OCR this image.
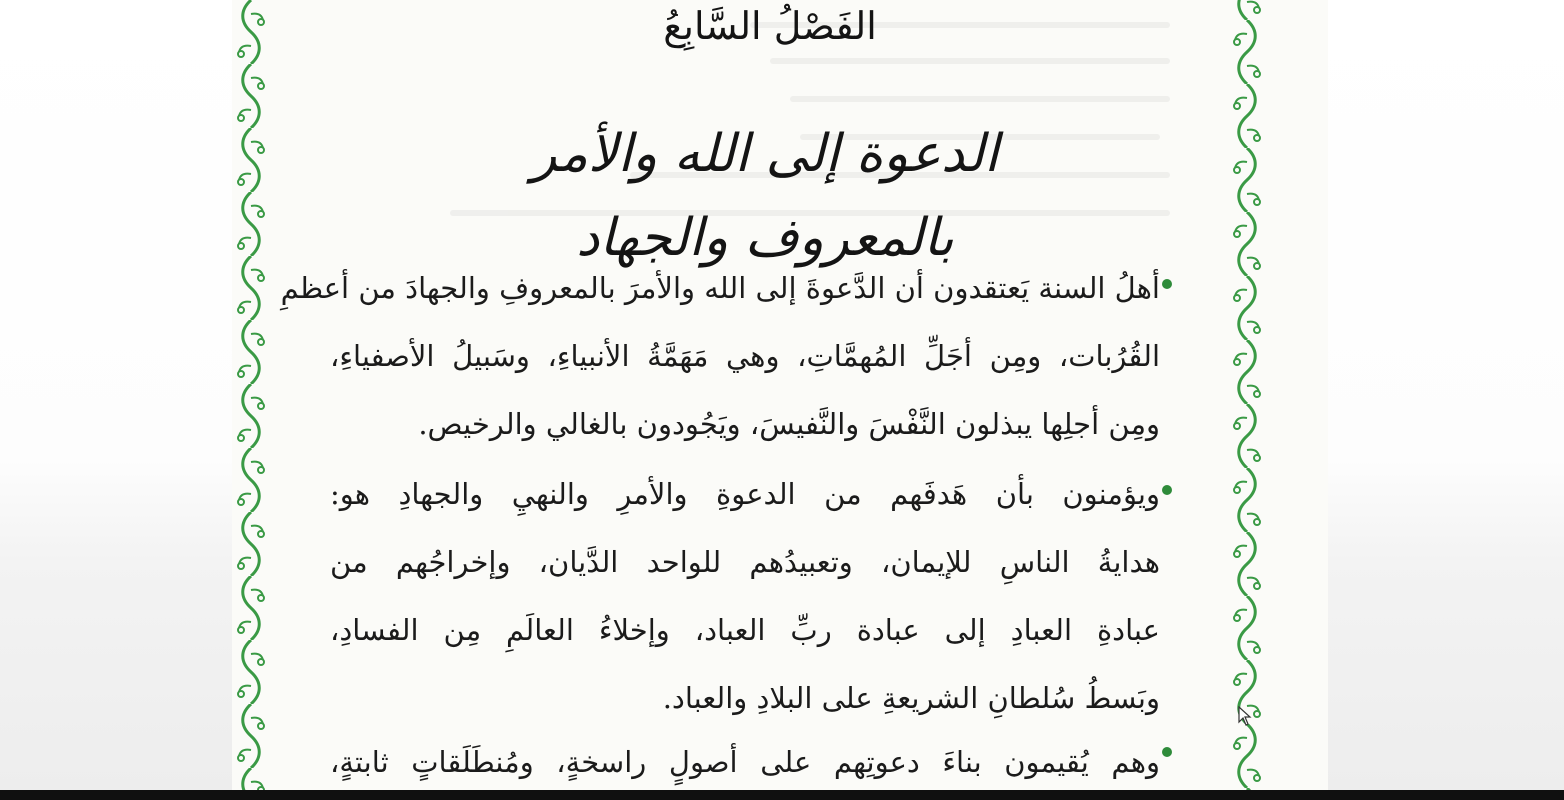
الفَصْلُ السَّابِعُ
الدعوة إلى الله والأمر بالمعروف والجهاد
أهلُ السنة يَعتقدون أن الدَّعوةَ إلى الله والأمرَ بالمعروفِ والجهادَ من أعظمِ
القُرُبات، ومِن أجَلِّ المُهمَّاتِ، وهي مَهَمَّةُ الأنبياءِ، وسَبيلُ الأصفياءِ،
ومِن أجلِها يبذلون النَّفْسَ والنَّفيسَ، ويَجُودون بالغالي والرخيص.
ويؤمنون بأن هَدفَهم من الدعوةِ والأمرِ والنهيِ والجهادِ هو:
هدايةُ الناسِ للإيمان، وتعبيدُهم للواحد الدَّيان، وإخراجُهم من
عبادةِ العبادِ إلى عبادة ربِّ العباد، وإخلاءُ العالَمِ مِن الفسادِ،
وبَسطُ سُلطانِ الشريعةِ على البلادِ والعباد.
وهم يُقيمون بناءَ دعوتِهم على أصولٍ راسخةٍ، ومُنطَلَقاتٍ ثابتةٍ،
